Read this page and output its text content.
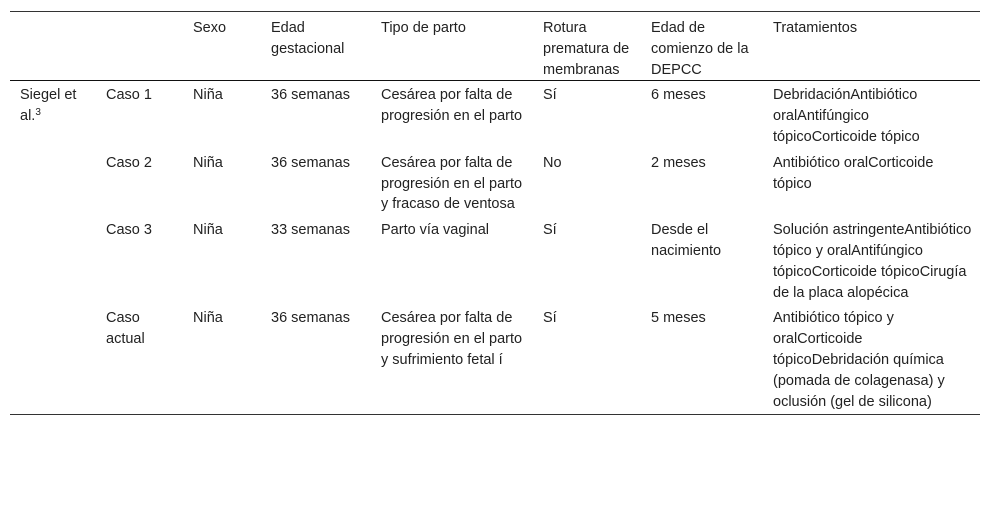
		Sexo	Edad gestacional	Tipo de parto	Rotura prematura de membranas	Edad de comienzo de la DEPCC	Tratamientos
Siegel et al.$^3$	Caso 1	Niña	36 semanas	Cesárea por falta de progresión en el parto	Sí	6 meses	DebridaciónAntibiótico oralAntifúngico tópicoCorticoide tópico
	Caso 2	Niña	36 semanas	Cesárea por falta de progresión en el parto y fracaso de ventosa	No	2 meses	Antibiótico oralCorticoide tópico
	Caso 3	Niña	33 semanas	Parto vía vaginal	Sí	Desde el nacimiento	Solución astringenteAntibiótico tópico y oralAntifúngico tópicoCorticoide tópicoCirugía de la placa alopécica
	Caso actual	Niña	36 semanas	Cesárea por falta de progresión en el parto y sufrimiento fetal í	Sí	5 meses	Antibiótico tópico y oralCorticoide tópicoDebridación química (pomada de colagenasa) y oclusión (gel de silicona)
